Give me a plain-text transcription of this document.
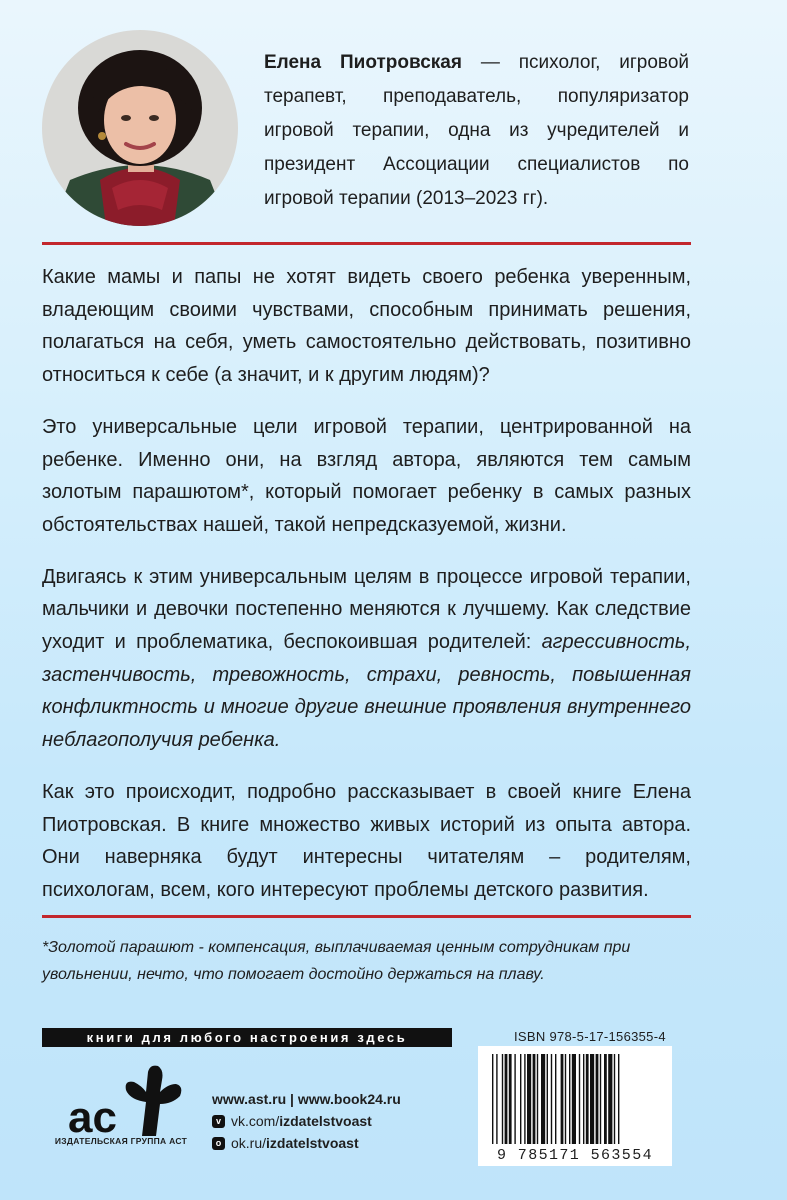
Елена Пиотровская — психолог, игровой терапевт, преподаватель, популяризатор игровой терапии, одна из учредителей и президент Ассоциации специалистов по игровой терапии (2013–2023 гг).

Какие мамы и папы не хотят видеть своего ребенка уверенным, владеющим своими чувствами, способным принимать решения, полагаться на себя, уметь самостоятельно действовать, позитивно относиться к себе (а значит, и к другим людям)?

Это универсальные цели игровой терапии, центрированной на ребенке. Именно они, на взгляд автора, являются тем самым золотым парашютом*, который помогает ребенку в самых разных обстоятельствах нашей, такой непредсказуемой, жизни.

Двигаясь к этим универсальным целям в процессе игровой терапии, мальчики и девочки постепенно меняются к лучшему. Как следствие уходит и проблематика, беспокоившая родителей: агрессивность, застенчивость, тревожность, страхи, ревность, повышенная конфликтность и многие другие внешние проявления внутреннего неблагополучия ребенка.

Как это происходит, подробно рассказывает в своей книге Елена Пиотровская. В книге множество живых историй из опыта автора. Они наверняка будут интересны читателям – родителям, психологам, всем, кого интересуют проблемы детского развития.

*Золотой парашют - компенсация, выплачиваемая ценным сотрудникам при увольнении, нечто, что помогает достойно держаться на плаву.
книги для любого настроения здесь
ac
ИЗДАТЕЛЬСКАЯ ГРУППА АСТ
www.ast.ru | www.book24.ru
v vk.com/ izdatelstvoast
o ok.ru/ izdatelstvoast
ISBN 978-5-17-156355-4
9 785171 563554
